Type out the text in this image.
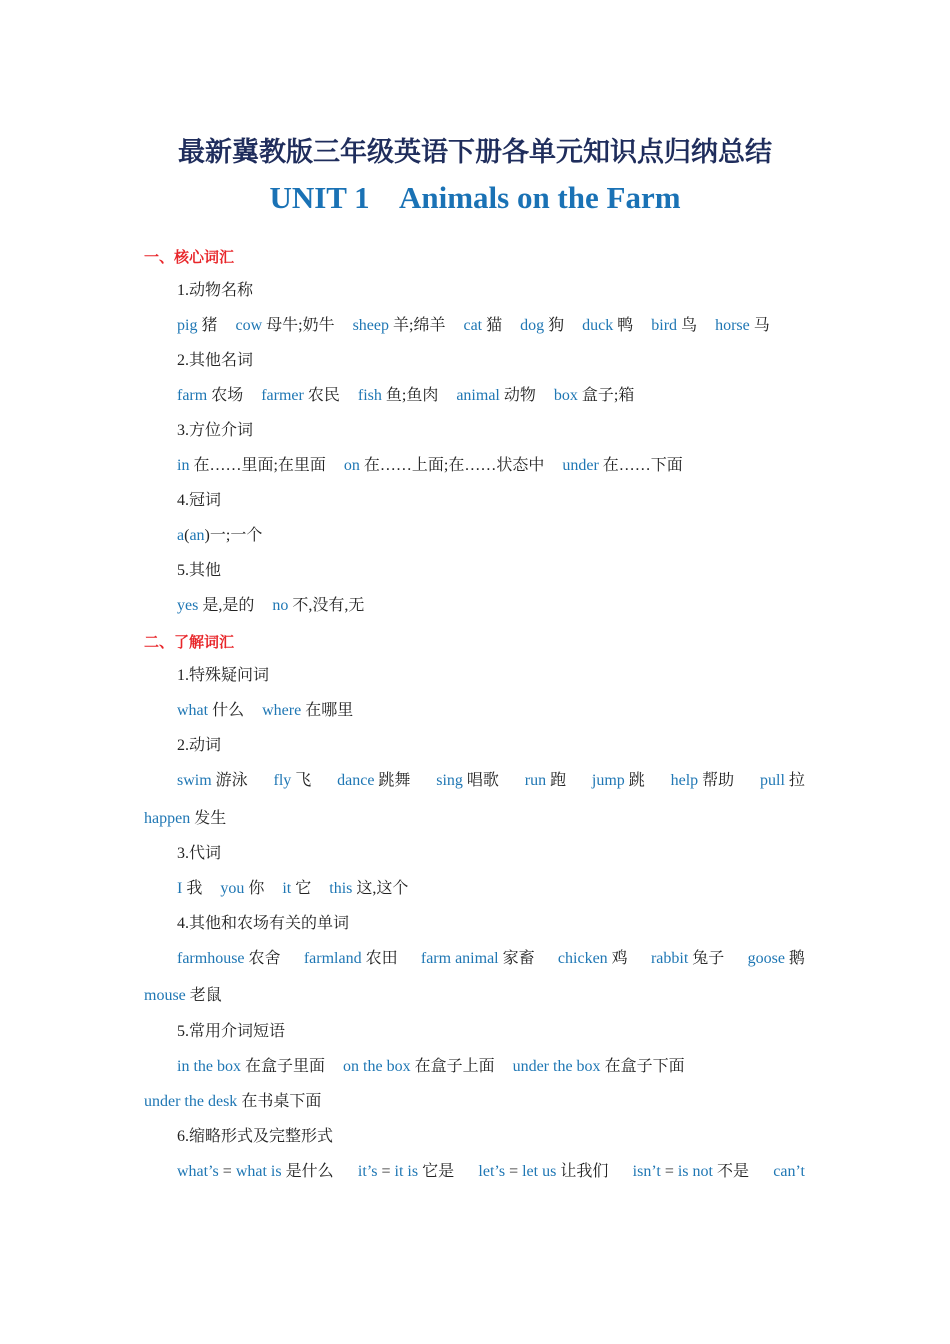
最新冀教版三年级英语下册各单元知识点归纳总结
UNIT 1    Animals on the Farm
一、核心词汇
1.动物名称
pig 猪 cow 母牛;奶牛 sheep 羊;绵羊 cat 猫 dog 狗 duck 鸭 bird 鸟 horse 马
2.其他名词
farm 农场 farmer 农民 fish 鱼;鱼肉 animal 动物 box 盒子;箱
3.方位介词
in 在……里面;在里面 on 在……上面;在……状态中 under 在……下面
4.冠词
a(an)一;一个
5.其他
yes 是,是的 no 不,没有,无
二、了解词汇
1.特殊疑问词
what 什么 where 在哪里
2.动词
swim 游泳 fly 飞 dance 跳舞 sing 唱歌 run 跑 jump 跳 help 帮助 pull 拉
happen 发生
3.代词
I 我 you 你 it 它 this 这,这个
4.其他和农场有关的单词
farmhouse 农舍 farmland 农田 farm animal 家畜 chicken 鸡 rabbit 兔子 goose 鹅
mouse 老鼠
5.常用介词短语
in the box 在盒子里面 on the box 在盒子上面 under the box 在盒子下面
under the desk 在书桌下面
6.缩略形式及完整形式
what’s = what is 是什么 it’s = it is 它是 let’s = let us 让我们 isn’t = is not 不是 can’t
